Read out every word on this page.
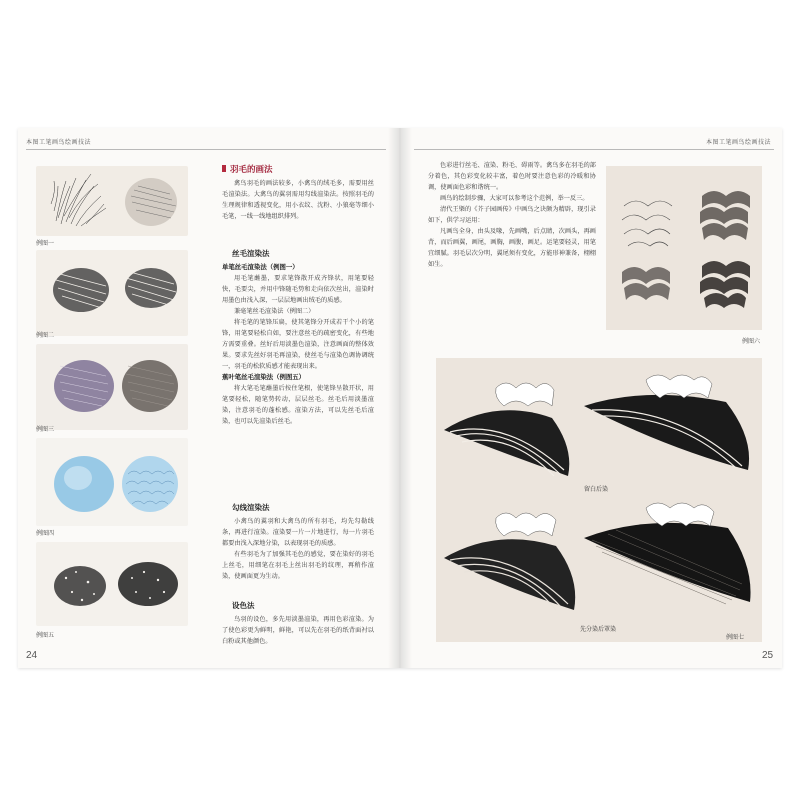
本图工笔画鸟绘画技法	本图工笔画鸟绘画技法
例图一
例图二
例图三
例图四
例图五
羽毛的画法

禽鸟羽毛的画法较多，小禽鸟的绒毛多，需要用丝毛渲染法。大禽鸟的翼羽需用勾线渲染法。按照羽毛的生理规律和透视变化，用小衣纹、沈粉、小狼毫等细小毛笔，一线一线地组织排列。

丝毛渲染法

单笔丝毛渲染法（例图一）

用毛笔蘸墨，要求笔锋散开成齐锋状，用笔要轻快，毛要尖，并用中锋随毛势和走向依次丝出，渲染时用墨色由浅入深，一层层地画出绒毛的质感。

兼毫笔丝毛渲染法（例图二）

将毛笔的笔锋压扁，使其笔锋分开成若干个小的笔锋，用笔要轻松自如，要注意丝毛的疏密变化，有些地方需要重叠。丝好后用淡墨色渲染，注意画面的整体效果。要求先丝好羽毛再渲染，使丝毛与渲染色调协调统一，羽毛的松软质感才能表现出来。

蕉叶笔丝毛渲染法（例图五）

将大笔毛笔蘸墨后按住笔根，使笔锋呈散开状，用笔要轻松，随笔势转动，层层丝毛。丝毛后用淡墨渲染，注意羽毛的蓬松感。渲染方法，可以先丝毛后渲染，也可以先渲染后丝毛。

勾线渲染法

小禽鸟的翼羽和大禽鸟的所有羽毛，均先勾勒线条，再进行渲染。渲染要一片一片地进行，每一片羽毛都要由浅入深地分染，以表现羽毛的质感。

有些羽毛为了加强其毛色的感觉，要在染好的羽毛上丝毛，用细笔在羽毛上丝出羽毛的纹理，再稍作渲染，使画面更为生动。

设色法

鸟羽的设色，多先用淡墨渲染，再用色彩渲染。为了使色彩更为鲜明，鲜艳，可以先在羽毛的纸背面衬以白粉或其他颜色。

色彩进行丝毛、渲染、粉毛、碍雨等。禽鸟多在羽毛的部分着色，其色彩变化较丰富，着色时要注意色彩的冷暖和协调，使画面色彩和谐统一。

画鸟的绘制步骤，大家可以参考这个范例，举一反三。

清代王槩的《芥子园画传》中画鸟之诀颇为精辟，现引录如下，供学习运用：

凡画鸟全身，由头及喙，先画嘴，后点睛，次画头，再画背，而后画翼，画尾，画胸，画腹，画足。运笔要轻灵，用笔宜细腻。羽毛层次分明，翼尾须有变化，方能形神兼备，栩栩如生。

例图六
留白后染
先分染后罩染
例图七
24	25
